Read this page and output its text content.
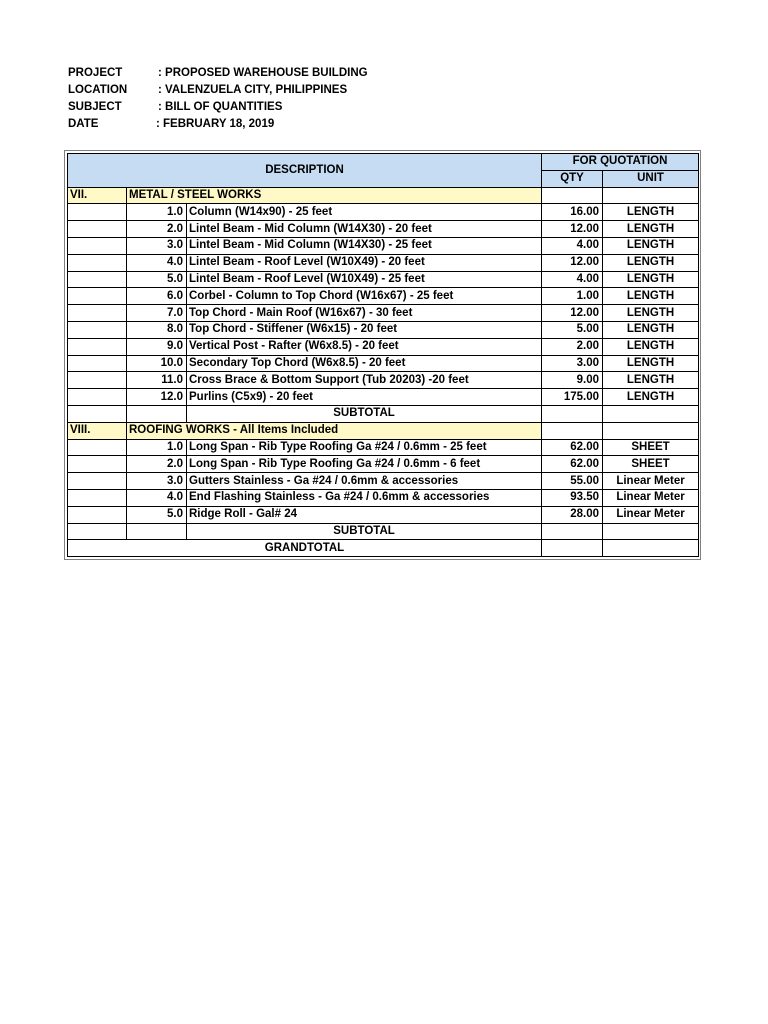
PROJECT	: PROPOSED WAREHOUSE BUILDING
LOCATION	: VALENZUELA CITY, PHILIPPINES
SUBJECT	: BILL OF QUANTITIES
DATE	: FEBRUARY 18, 2019
DESCRIPTION			FOR QUOTATION	
			QTY	UNIT
VII.	METAL / STEEL WORKS			
	1.0	Column (W14x90) - 25 feet	16.00	LENGTH
	2.0	Lintel Beam - Mid Column (W14X30) - 20 feet	12.00	LENGTH
	3.0	Lintel Beam - Mid Column (W14X30) - 25 feet	4.00	LENGTH
	4.0	Lintel Beam - Roof Level (W10X49) - 20 feet	12.00	LENGTH
	5.0	Lintel Beam - Roof Level (W10X49) - 25 feet	4.00	LENGTH
	6.0	Corbel - Column to Top Chord (W16x67) - 25 feet	1.00	LENGTH
	7.0	Top Chord - Main Roof (W16x67) - 30 feet	12.00	LENGTH
	8.0	Top Chord - Stiffener (W6x15) - 20 feet	5.00	LENGTH
	9.0	Vertical Post - Rafter (W6x8.5) - 20 feet	2.00	LENGTH
	10.0	Secondary Top Chord (W6x8.5) - 20 feet	3.00	LENGTH
	11.0	Cross Brace & Bottom Support (Tub 20203) -20 feet	9.00	LENGTH
	12.0	Purlins (C5x9) - 20 feet	175.00	LENGTH
		SUBTOTAL		
VIII.	ROOFING WORKS - All Items Included			
	1.0	Long Span - Rib Type Roofing Ga #24 / 0.6mm - 25 feet	62.00	SHEET
	2.0	Long Span - Rib Type Roofing Ga #24 / 0.6mm - 6 feet	62.00	SHEET
	3.0	Gutters Stainless - Ga #24 / 0.6mm & accessories	55.00	Linear Meter
	4.0	End Flashing Stainless - Ga #24 / 0.6mm & accessories	93.50	Linear Meter
	5.0	Ridge Roll - Gal# 24	28.00	Linear Meter
		SUBTOTAL		
GRANDTOTAL				
